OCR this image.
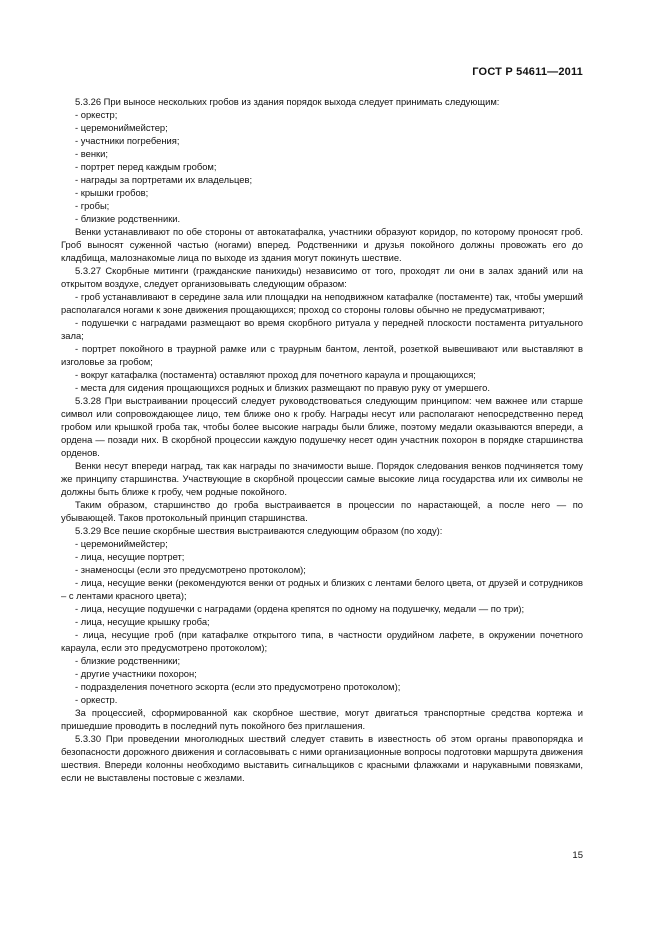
ГОСТ Р 54611—2011

5.3.26 При выносе нескольких гробов из здания порядок выхода следует принимать следующим:

- оркестр;

- церемониймейстер;

- участники погребения;

- венки;

- портрет перед каждым гробом;

- награды за портретами их владельцев;

- крышки гробов;

- гробы;

- близкие родственники.

Венки устанавливают по обе стороны от автокатафалка, участники образуют коридор, по которому проносят гроб. Гроб выносят суженной частью (ногами) вперед. Родственники и друзья покойного должны провожать его до кладбища, малознакомые лица по выходе из здания могут покинуть шествие.

5.3.27 Скорбные митинги (гражданские панихиды) независимо от того, проходят ли они в залах зданий или на открытом воздухе, следует организовывать следующим образом:

- гроб устанавливают в середине зала или площадки на неподвижном катафалке (постаменте) так, чтобы умерший располагался ногами к зоне движения прощающихся; проход со стороны головы обычно не предусматривают;

- подушечки с наградами размещают во время скорбного ритуала у передней плоскости постамента ритуального зала;

- портрет покойного в траурной рамке или с траурным бантом, лентой, розеткой вывешивают или выставляют в изголовье за гробом;

- вокруг катафалка (постамента) оставляют проход для почетного караула и прощающихся;

- места для сидения прощающихся родных и близких размещают по правую руку от умершего.

5.3.28 При выстраивании процессий следует руководствоваться следующим принципом: чем важнее или старше символ или сопровождающее лицо, тем ближе оно к гробу. Награды несут или располагают непосредственно перед гробом или крышкой гроба так, чтобы более высокие награды были ближе, поэтому медали оказываются впереди, а ордена — позади них. В скорбной процессии каждую подушечку несет один участник похорон в порядке старшинства орденов.

Венки несут впереди наград, так как награды по значимости выше. Порядок следования венков подчиняется тому же принципу старшинства. Участвующие в скорбной процессии самые высокие лица государства или их символы не должны быть ближе к гробу, чем родные покойного.

Таким образом, старшинство до гроба выстраивается в процессии по нарастающей, а после него — по убывающей. Таков протокольный принцип старшинства.

5.3.29 Все пешие скорбные шествия выстраиваются следующим образом (по ходу):

- церемониймейстер;

- лица, несущие портрет;

- знаменосцы (если это предусмотрено протоколом);

- лица, несущие венки (рекомендуются венки от родных и близких с лентами белого цвета, от друзей и сотрудников – с лентами красного цвета);

- лица, несущие подушечки с наградами (ордена крепятся по одному на подушечку, медали — по три);

- лица, несущие крышку гроба;

- лица, несущие гроб (при катафалке открытого типа, в частности орудийном лафете, в окружении почетного караула, если это предусмотрено протоколом);

- близкие родственники;

- другие участники похорон;

- подразделения почетного эскорта (если это предусмотрено протоколом);

- оркестр.

За процессией, сформированной как скорбное шествие, могут двигаться транспортные средства кортежа и пришедшие проводить в последний путь покойного без приглашения.

5.3.30 При проведении многолюдных шествий следует ставить в известность об этом органы правопорядка и безопасности дорожного движения и согласовывать с ними организационные вопросы подготовки маршрута движения шествия. Впереди колонны необходимо выставить сигнальщиков с красными флажками и нарукавными повязками, если не выставлены постовые с жезлами.

15
